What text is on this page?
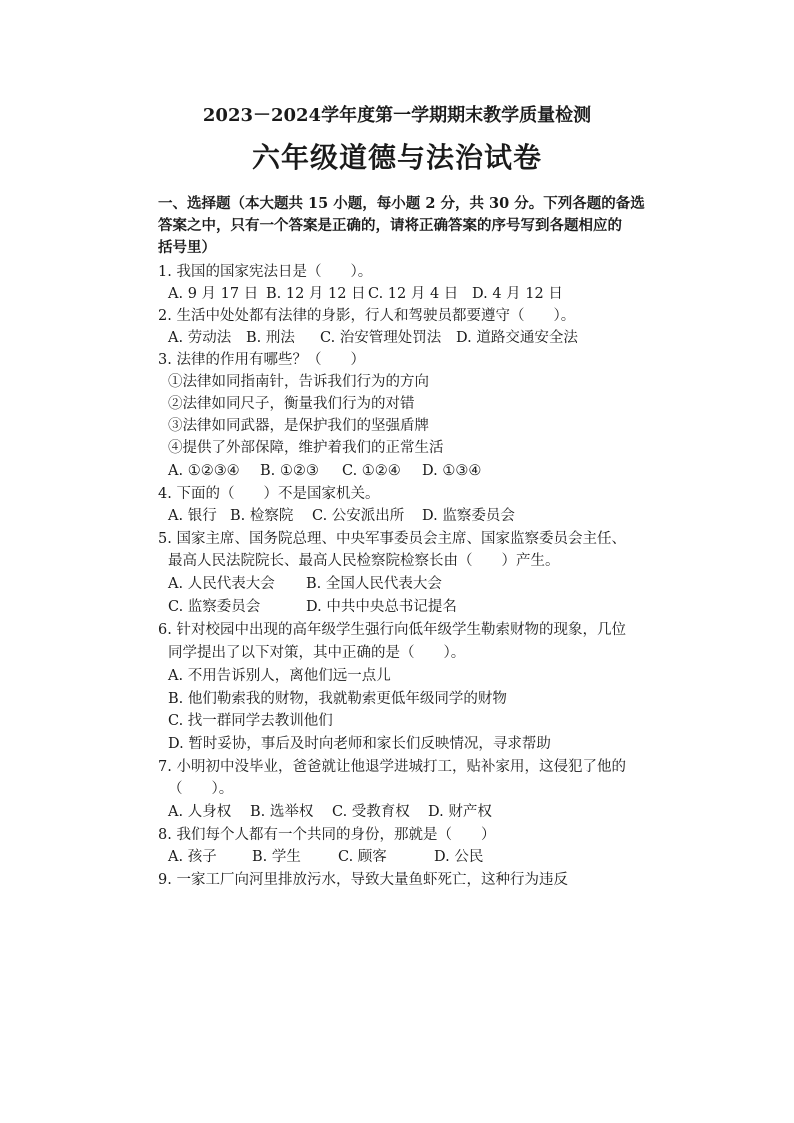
2023－2024学年度第一学期期末教学质量检测
六年级道德与法治试卷
一、选择题（本大题共 15 小题，每小题 2 分，共 30 分。下列各题的备选
答案之中，只有一个答案是正确的，请将正确答案的序号写到各题相应的
括号里）
1. 我国的国家宪法日是（　　）。
A. 9 月 17 日 B. 12 月 12 日 C. 12 月 4 日 D. 4 月 12 日
2. 生活中处处都有法律的身影，行人和驾驶员都要遵守（　　）。
A. 劳动法 B. 刑法 C. 治安管理处罚法 D. 道路交通安全法
3. 法律的作用有哪些？（　　）
①法律如同指南针，告诉我们行为的方向
②法律如同尺子，衡量我们行为的对错
③法律如同武器，是保护我们的坚强盾牌
④提供了外部保障，维护着我们的正常生活
A. ①②③④ B. ①②③ C. ①②④ D. ①③④
4. 下面的（　　）不是国家机关。
A. 银行 B. 检察院 C. 公安派出所 D. 监察委员会
5. 国家主席、国务院总理、中央军事委员会主席、国家监察委员会主任、
最高人民法院院长、最高人民检察院检察长由（　　）产生。
A. 人民代表大会 B. 全国人民代表大会
C. 监察委员会	D. 中共中央总书记提名
6. 针对校园中出现的高年级学生强行向低年级学生勒索财物的现象，几位
同学提出了以下对策，其中正确的是（　　）。
A. 不用告诉别人，离他们远一点儿
B. 他们勒索我的财物，我就勒索更低年级同学的财物
C. 找一群同学去教训他们
D. 暂时妥协，事后及时向老师和家长们反映情况，寻求帮助
7. 小明初中没毕业，爸爸就让他退学进城打工，贴补家用，这侵犯了他的
（　　）。
A. 人身权 B. 选举权 C. 受教育权 D. 财产权
8. 我们每个人都有一个共同的身份，那就是（　　）
A. 孩子 B. 学生	C. 顾客	D. 公民
9. 一家工厂向河里排放污水，导致大量鱼虾死亡，这种行为违反
